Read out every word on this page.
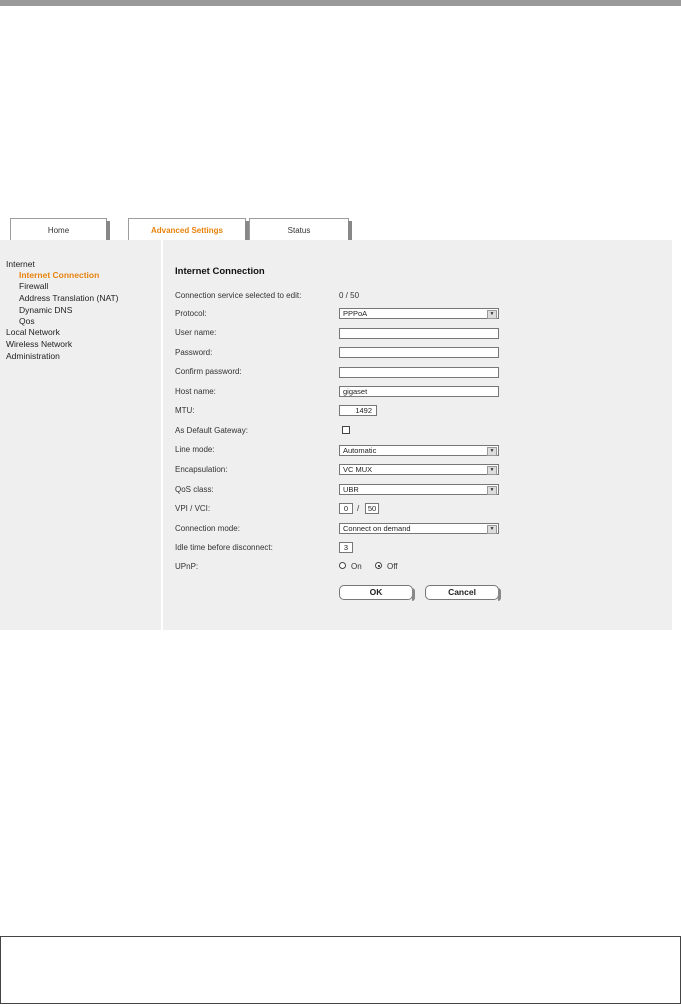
Home	Advanced Settings	Status
Internet
Internet Connection
Firewall
Address Translation (NAT)
Dynamic DNS
Qos
Local Network
Wireless Network
Administration
Internet Connection
Connection service selected to edit:	0 / 50
Protocol:	PPPoA	▼
User name:
Password:
Confirm password:
Host name:	gigaset
MTU:	1492
As Default Gateway:
Line mode:	Automatic	▼
Encapsulation:	VC MUX	▼
QoS class:	UBR	▼
VPI / VCI:	0	/	50
Connection mode:	Connect on demand	▼
Idle time before disconnect:	3
UPnP:	On	Off
OK	Cancel
